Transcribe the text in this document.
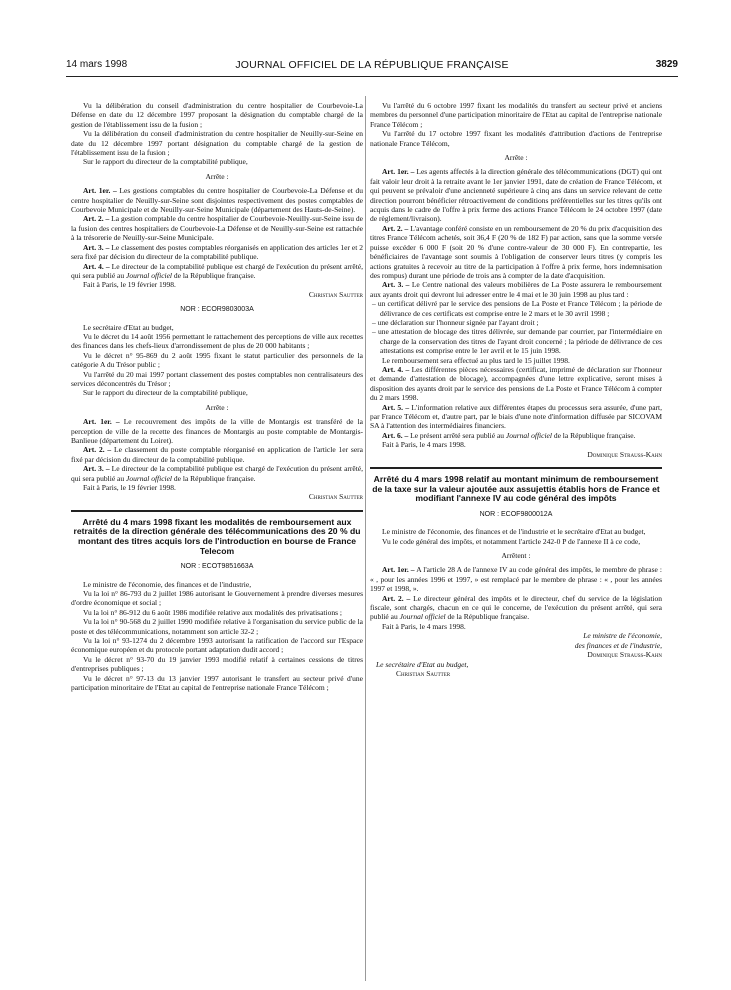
14 mars 1998	JOURNAL OFFICIEL DE LA RÉPUBLIQUE FRANÇAISE	3829

Vu la délibération du conseil d'administration du centre hospitalier de Courbevoie-La Défense en date du 12 décembre 1997 proposant la désignation du comptable chargé de la gestion de l'établissement issu de la fusion ;

Vu la délibération du conseil d'administration du centre hospitalier de Neuilly-sur-Seine en date du 12 décembre 1997 portant désignation du comptable chargé de la gestion de l'établissement issu de la fusion ;

Sur le rapport du directeur de la comptabilité publique,

Arrête :

Art. 1er. – Les gestions comptables du centre hospitalier de Courbevoie-La Défense et du centre hospitalier de Neuilly-sur-Seine sont disjointes respectivement des postes comptables de Courbevoie Municipale et de Neuilly-sur-Seine Municipale (département des Hauts-de-Seine).

Art. 2. – La gestion comptable du centre hospitalier de Courbevoie-Neuilly-sur-Seine issu de la fusion des centres hospitaliers de Courbevoie-La Défense et de Neuilly-sur-Seine est rattachée à la trésorerie de Neuilly-sur-Seine Municipale.

Art. 3. – Le classement des postes comptables réorganisés en application des articles 1er et 2 sera fixé par décision du directeur de la comptabilité publique.

Art. 4. – Le directeur de la comptabilité publique est chargé de l'exécution du présent arrêté, qui sera publié au Journal officiel de la République française.

Fait à Paris, le 19 février 1998.

Christian Sautter

NOR : ECOR9803003A

Le secrétaire d'Etat au budget,

Vu le décret du 14 août 1956 permettant le rattachement des perceptions de ville aux recettes des finances dans les chefs-lieux d'arrondissement de plus de 20 000 habitants ;

Vu le décret n° 95-869 du 2 août 1995 fixant le statut particulier des personnels de la catégorie A du Trésor public ;

Vu l'arrêté du 20 mai 1997 portant classement des postes comptables non centralisateurs des services déconcentrés du Trésor ;

Sur le rapport du directeur de la comptabilité publique,

Arrête :

Art. 1er. – Le recouvrement des impôts de la ville de Montargis est transféré de la perception de ville de la recette des finances de Montargis au poste comptable de Montargis-Banlieue (département du Loiret).

Art. 2. – Le classement du poste comptable réorganisé en application de l'article 1er sera fixé par décision du directeur de la comptabilité publique.

Art. 3. – Le directeur de la comptabilité publique est chargé de l'exécution du présent arrêté, qui sera publié au Journal officiel de la République française.

Fait à Paris, le 19 février 1998.

Christian Sautter

Arrêté du 4 mars 1998 fixant les modalités de remboursement aux retraités de la direction générale des télécommunications des 20 % du montant des titres acquis lors de l'introduction en bourse de France Telecom

NOR : ECOT9851663A

Le ministre de l'économie, des finances et de l'industrie,

Vu la loi n° 86-793 du 2 juillet 1986 autorisant le Gouvernement à prendre diverses mesures d'ordre économique et social ;

Vu la loi n° 86-912 du 6 août 1986 modifiée relative aux modalités des privatisations ;

Vu la loi n° 90-568 du 2 juillet 1990 modifiée relative à l'organisation du service public de la poste et des télécommunications, notamment son article 32-2 ;

Vu la loi n° 93-1274 du 2 décembre 1993 autorisant la ratification de l'accord sur l'Espace économique européen et du protocole portant adaptation dudit accord ;

Vu le décret n° 93-70 du 19 janvier 1993 modifié relatif à certaines cessions de titres d'entreprises publiques ;

Vu le décret n° 97-13 du 13 janvier 1997 autorisant le transfert au secteur privé d'une participation minoritaire de l'Etat au capital de l'entreprise nationale France Télécom ;

Vu l'arrêté du 6 octobre 1997 fixant les modalités du transfert au secteur privé et anciens membres du personnel d'une participation minoritaire de l'Etat au capital de l'entreprise nationale France Télécom ;

Vu l'arrêté du 17 octobre 1997 fixant les modalités d'attribution d'actions de l'entreprise nationale France Télécom,

Arrête :

Art. 1er. – Les agents affectés à la direction générale des télécommunications (DGT) qui ont fait valoir leur droit à la retraite avant le 1er janvier 1991, date de création de France Télécom, et qui peuvent se prévaloir d'une ancienneté supérieure à cinq ans dans un service relevant de cette direction pourront bénéficier rétroactivement de conditions préférentielles sur les titres qu'ils ont acquis dans le cadre de l'offre à prix ferme des actions France Télécom le 24 octobre 1997 (date de règlement/livraison).

Art. 2. – L'avantage conféré consiste en un remboursement de 20 % du prix d'acquisition des titres France Télécom achetés, soit 36,4 F (20 % de 182 F) par action, sans que la somme versée puisse excéder 6 000 F (soit 20 % d'une contre-valeur de 30 000 F). En contrepartie, les bénéficiaires de l'avantage sont soumis à l'obligation de conserver leurs titres (y compris les actions gratuites à recevoir au titre de la participation à l'offre à prix ferme, hors indemnisation des rompus) durant une période de trois ans à compter de la date d'acquisition.

Art. 3. – Le Centre national des valeurs mobilières de La Poste assurera le remboursement aux ayants droit qui devront lui adresser entre le 4 mai et le 30 juin 1998 au plus tard :

– un certificat délivré par le service des pensions de La Poste et France Télécom ; la période de délivrance de ces certificats est comprise entre le 2 mars et le 30 avril 1998 ;
– une déclaration sur l'honneur signée par l'ayant droit ;
– une attestation de blocage des titres délivrée, sur demande par courrier, par l'intermédiaire en charge de la conservation des titres de l'ayant droit concerné ; la période de délivrance de ces attestations est comprise entre le 1er avril et le 15 juin 1998.

Le remboursement sera effectué au plus tard le 15 juillet 1998.

Art. 4. – Les différentes pièces nécessaires (certificat, imprimé de déclaration sur l'honneur et demande d'attestation de blocage), accompagnées d'une lettre explicative, seront mises à disposition des ayants droit par le service des pensions de La Poste et France Télécom à compter du 2 mars 1998.

Art. 5. – L'information relative aux différentes étapes du processus sera assurée, d'une part, par France Télécom et, d'autre part, par le biais d'une note d'information diffusée par SICOVAM SA à l'attention des intermédiaires financiers.

Art. 6. – Le présent arrêté sera publié au Journal officiel de la République française.

Fait à Paris, le 4 mars 1998.

Dominique Strauss-Kahn

Arrêté du 4 mars 1998 relatif au montant minimum de remboursement de la taxe sur la valeur ajoutée aux assujettis établis hors de France et modifiant l'annexe IV au code général des impôts

NOR : ECOF9800012A

Le ministre de l'économie, des finances et de l'industrie et le secrétaire d'Etat au budget,

Vu le code général des impôts, et notamment l'article 242-0 P de l'annexe II à ce code,

Arrêtent :

Art. 1er. – A l'article 28 A de l'annexe IV au code général des impôts, le membre de phrase : « , pour les années 1996 et 1997, » est remplacé par le membre de phrase : « , pour les années 1997 et 1998, ».

Art. 2. – Le directeur général des impôts et le directeur, chef du service de la législation fiscale, sont chargés, chacun en ce qui le concerne, de l'exécution du présent arrêté, qui sera publié au Journal officiel de la République française.

Fait à Paris, le 4 mars 1998.

Le ministre de l'économie,

des finances et de l'industrie,

Dominique Strauss-Kahn

Le secrétaire d'Etat au budget,

Christian Sautter
